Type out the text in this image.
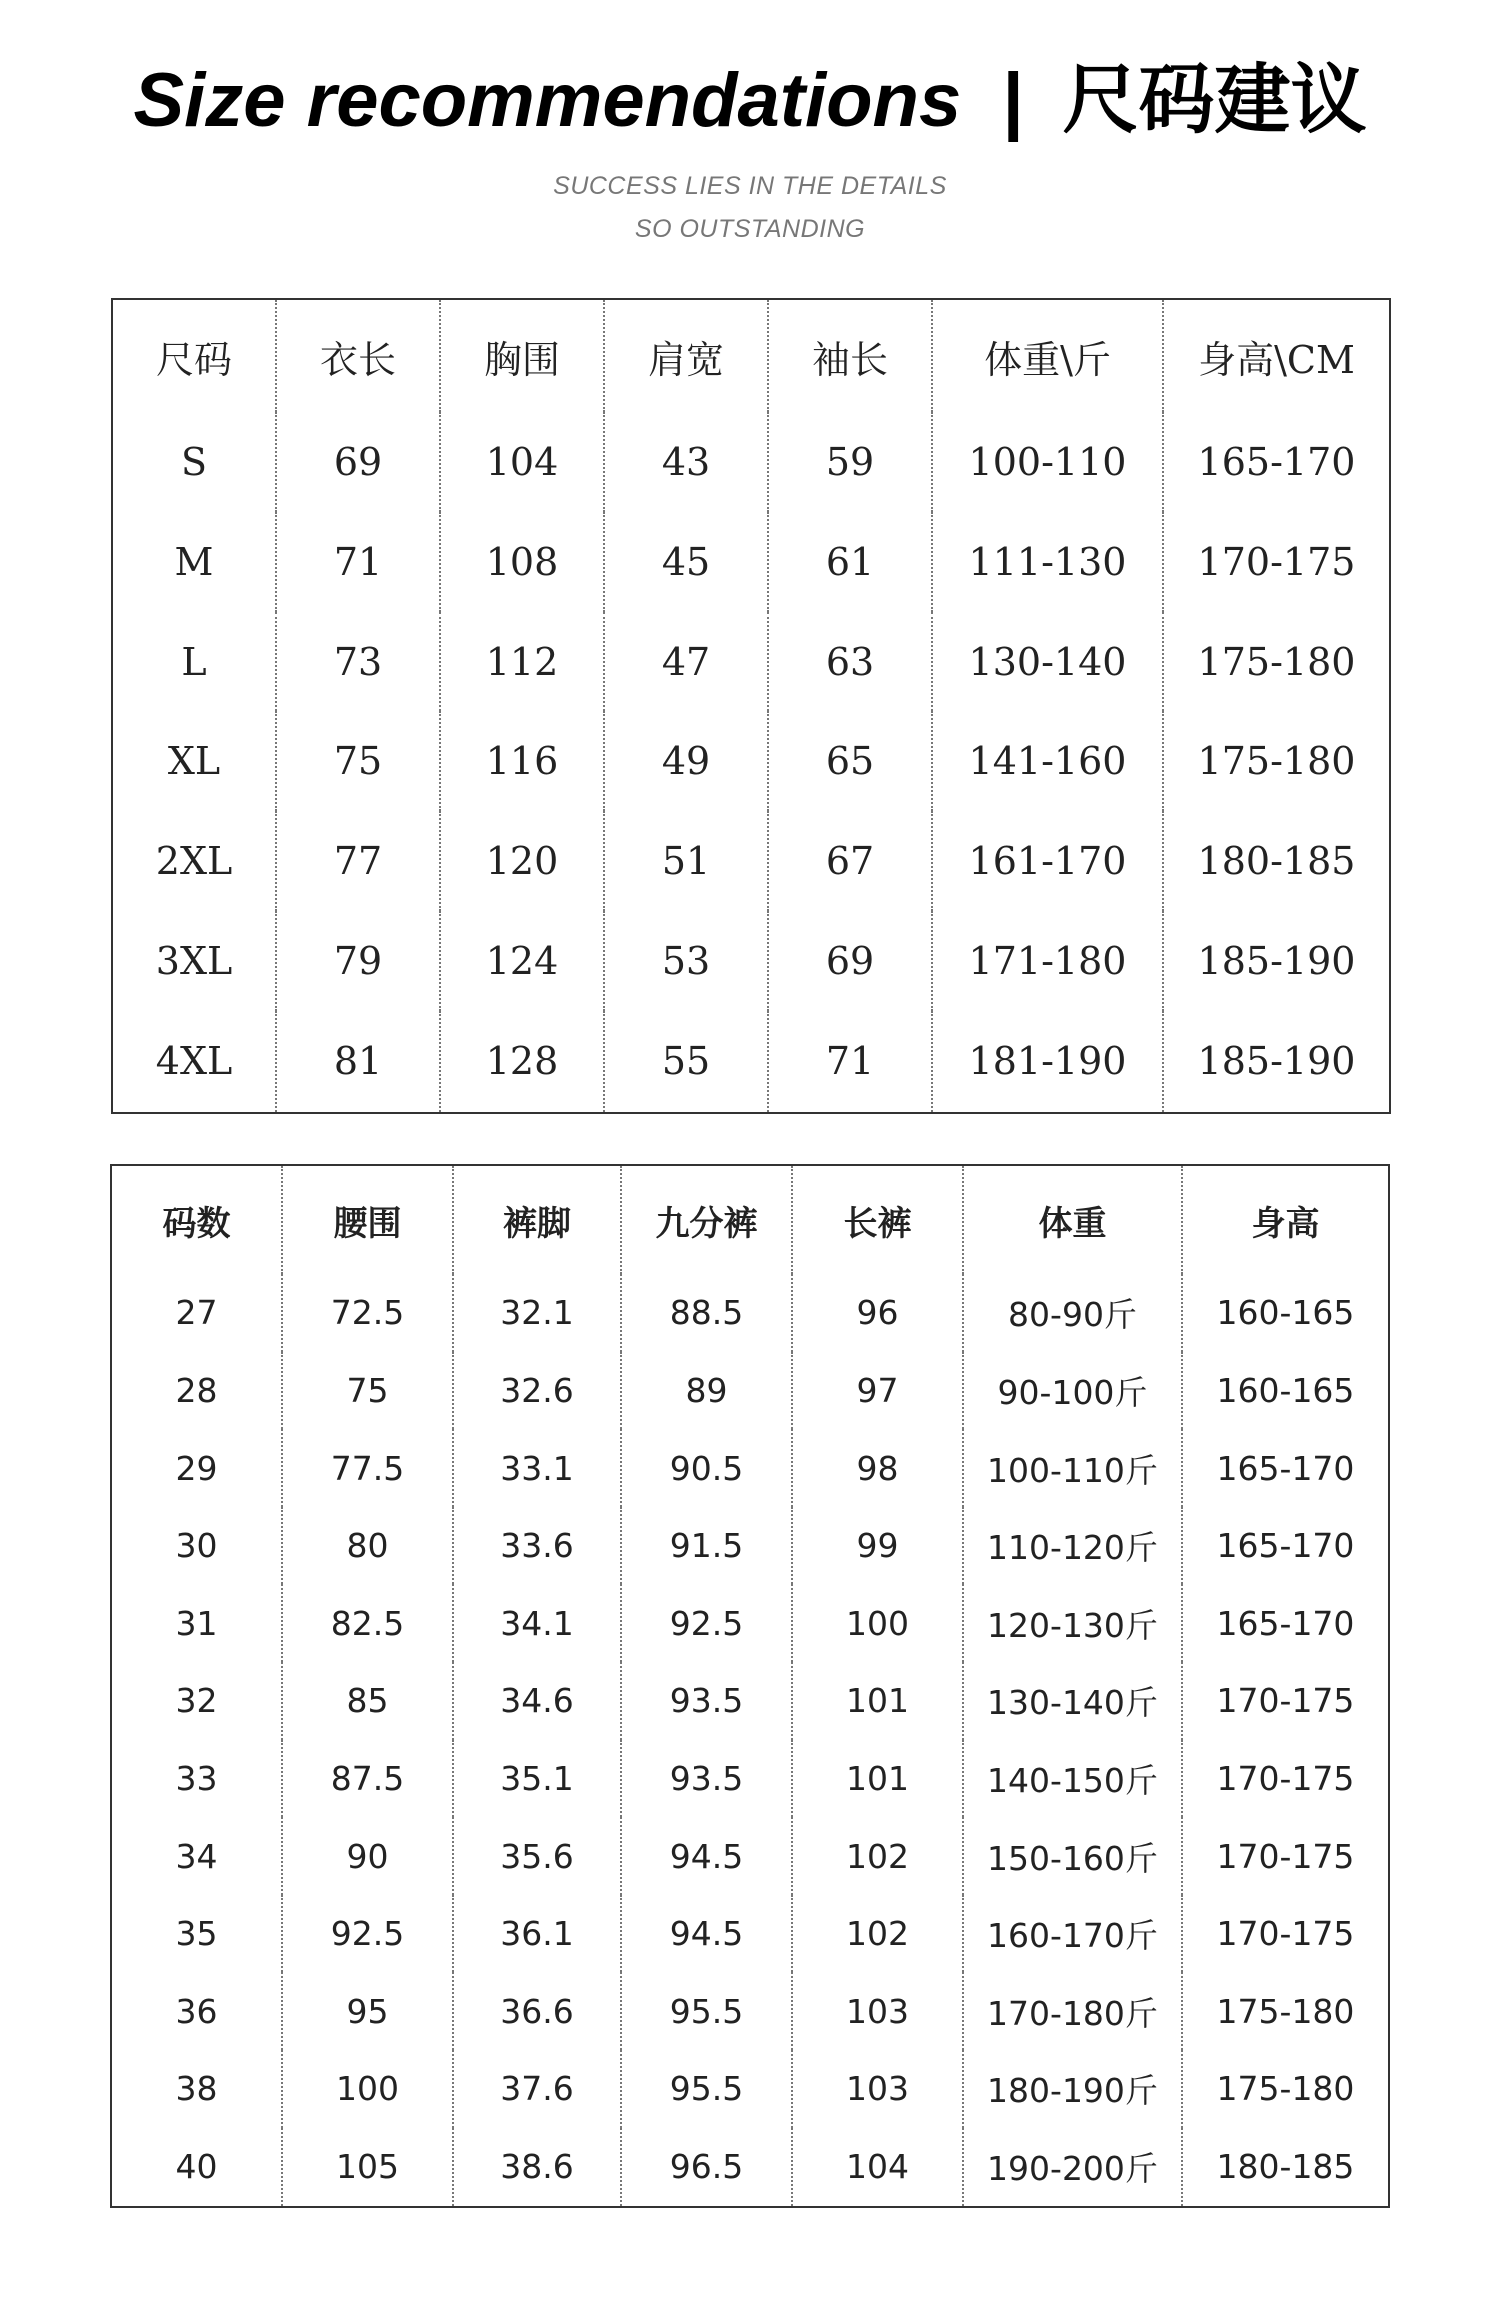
Size recommendations | 尺码建议
SUCCESS LIES IN THE DETAILS
SO OUTSTANDING
尺码	衣长	胸围	肩宽	袖长	体重\斤	身高\CM
S	69	104	43	59	100-110	165-170
M	71	108	45	61	111-130	170-175
L	73	112	47	63	130-140	175-180
XL	75	116	49	65	141-160	175-180
2XL	77	120	51	67	161-170	180-185
3XL	79	124	53	69	171-180	185-190
4XL	81	128	55	71	181-190	185-190
码数	腰围	裤脚	九分裤	长裤	体重	身高
27	72.5	32.1	88.5	96	80-90斤	160-165
28	75	32.6	89	97	90-100斤	160-165
29	77.5	33.1	90.5	98	100-110斤	165-170
30	80	33.6	91.5	99	110-120斤	165-170
31	82.5	34.1	92.5	100	120-130斤	165-170
32	85	34.6	93.5	101	130-140斤	170-175
33	87.5	35.1	93.5	101	140-150斤	170-175
34	90	35.6	94.5	102	150-160斤	170-175
35	92.5	36.1	94.5	102	160-170斤	170-175
36	95	36.6	95.5	103	170-180斤	175-180
38	100	37.6	95.5	103	180-190斤	175-180
40	105	38.6	96.5	104	190-200斤	180-185
